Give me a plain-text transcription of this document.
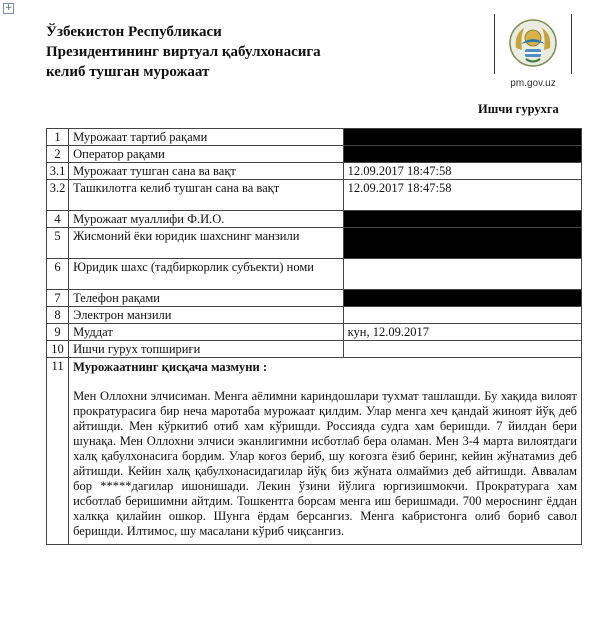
+
Ўзбекистон Республикаси
Президентининг виртуал қабулхонасига
келиб тушган мурожаат
pm.gov.uz
Ишчи гурухга
1	Мурожаат тартиб рақами	
2	Оператор рақами	
3.1	Мурожаат тушган сана ва вақт	12.09.2017 18:47:58
3.2	Ташкилотга келиб тушган сана ва вақт	12.09.2017 18:47:58
4	Мурожаат муаллифи Ф.И.О.	
5	Жисмоний ёки юридик шахснинг манзили	
6	Юридик шахс (тадбиркорлик субъекти) номи	
7	Телефон рақами	
8	Электрон манзили	
9	Муддат	кун, 12.09.2017
10	Ишчи гурух топшириғи	
11	Мурожаатнинг қисқача мазмуни :
Мен Оллохни элчисиман. Менга аёлимни кариндошлари тухмат ташлашди. Бу хақида вилоят прократурасига бир неча маротаба мурожаат қилдим. Улар менга хеч қандай жиноят йўқ деб айтишди. Мен кўркитиб отиб хам кўришди. Россияда судга хам беришди. 7 йилдан бери шунақа. Мен Оллохни элчиси эканлигимни исботлаб бера оламан. Мен 3-4 марта вилоятдаги халқ қабулхонасига бордим. Улар коғоз бериб, шу коғозга ёзиб беринг, кейин жўнатамиз деб айтишди. Кейин халқ қабулхонасидагилар йўқ биз жўната олмаймиз деб айтишди. Аввалам бор *****дагилар ишонишади. Лекин ўзини йўлига юргизишмокчи. Прократурага хам исботлаб беришимни айтдим. Тошкентга борсам менга иш беришмади. 700 мероснинг ёддан халкқа қилайин ошкор. Шунга ёрдам берсангиз. Менга кабристонга олиб бориб савол беришди. Илтимос, шу масалани кўриб чиқсангиз.	
